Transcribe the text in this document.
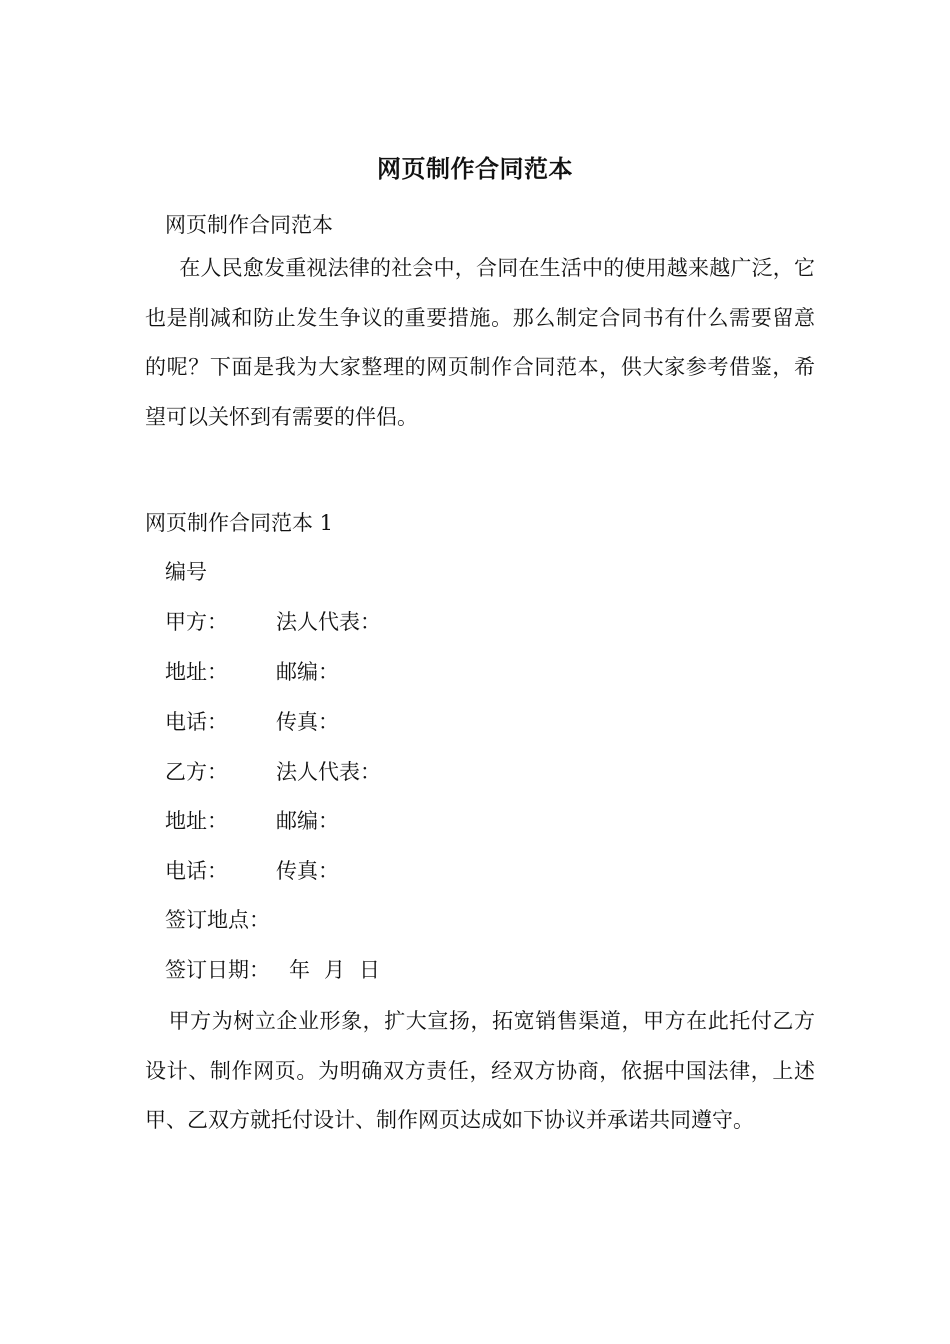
网页制作合同范本
网页制作合同范本
在人民愈发重视法律的社会中，合同在生活中的使用越来越广泛，它也是削减和防止发生争议的重要措施。那么制定合同书有什么需要留意的呢？下面是我为大家整理的网页制作合同范本，供大家参考借鉴，希望可以关怀到有需要的伴侣。
网页制作合同范本 1
编号
甲方： 法人代表：
地址： 邮编：
电话： 传真：
乙方： 法人代表：
地址： 邮编：
电话： 传真：
签订地点：
签订日期： 年 月 日
甲方为树立企业形象，扩大宣扬，拓宽销售渠道，甲方在此托付乙方设计、制作网页。为明确双方责任，经双方协商，依据中国法律，上述甲、乙双方就托付设计、制作网页达成如下协议并承诺共同遵守。
